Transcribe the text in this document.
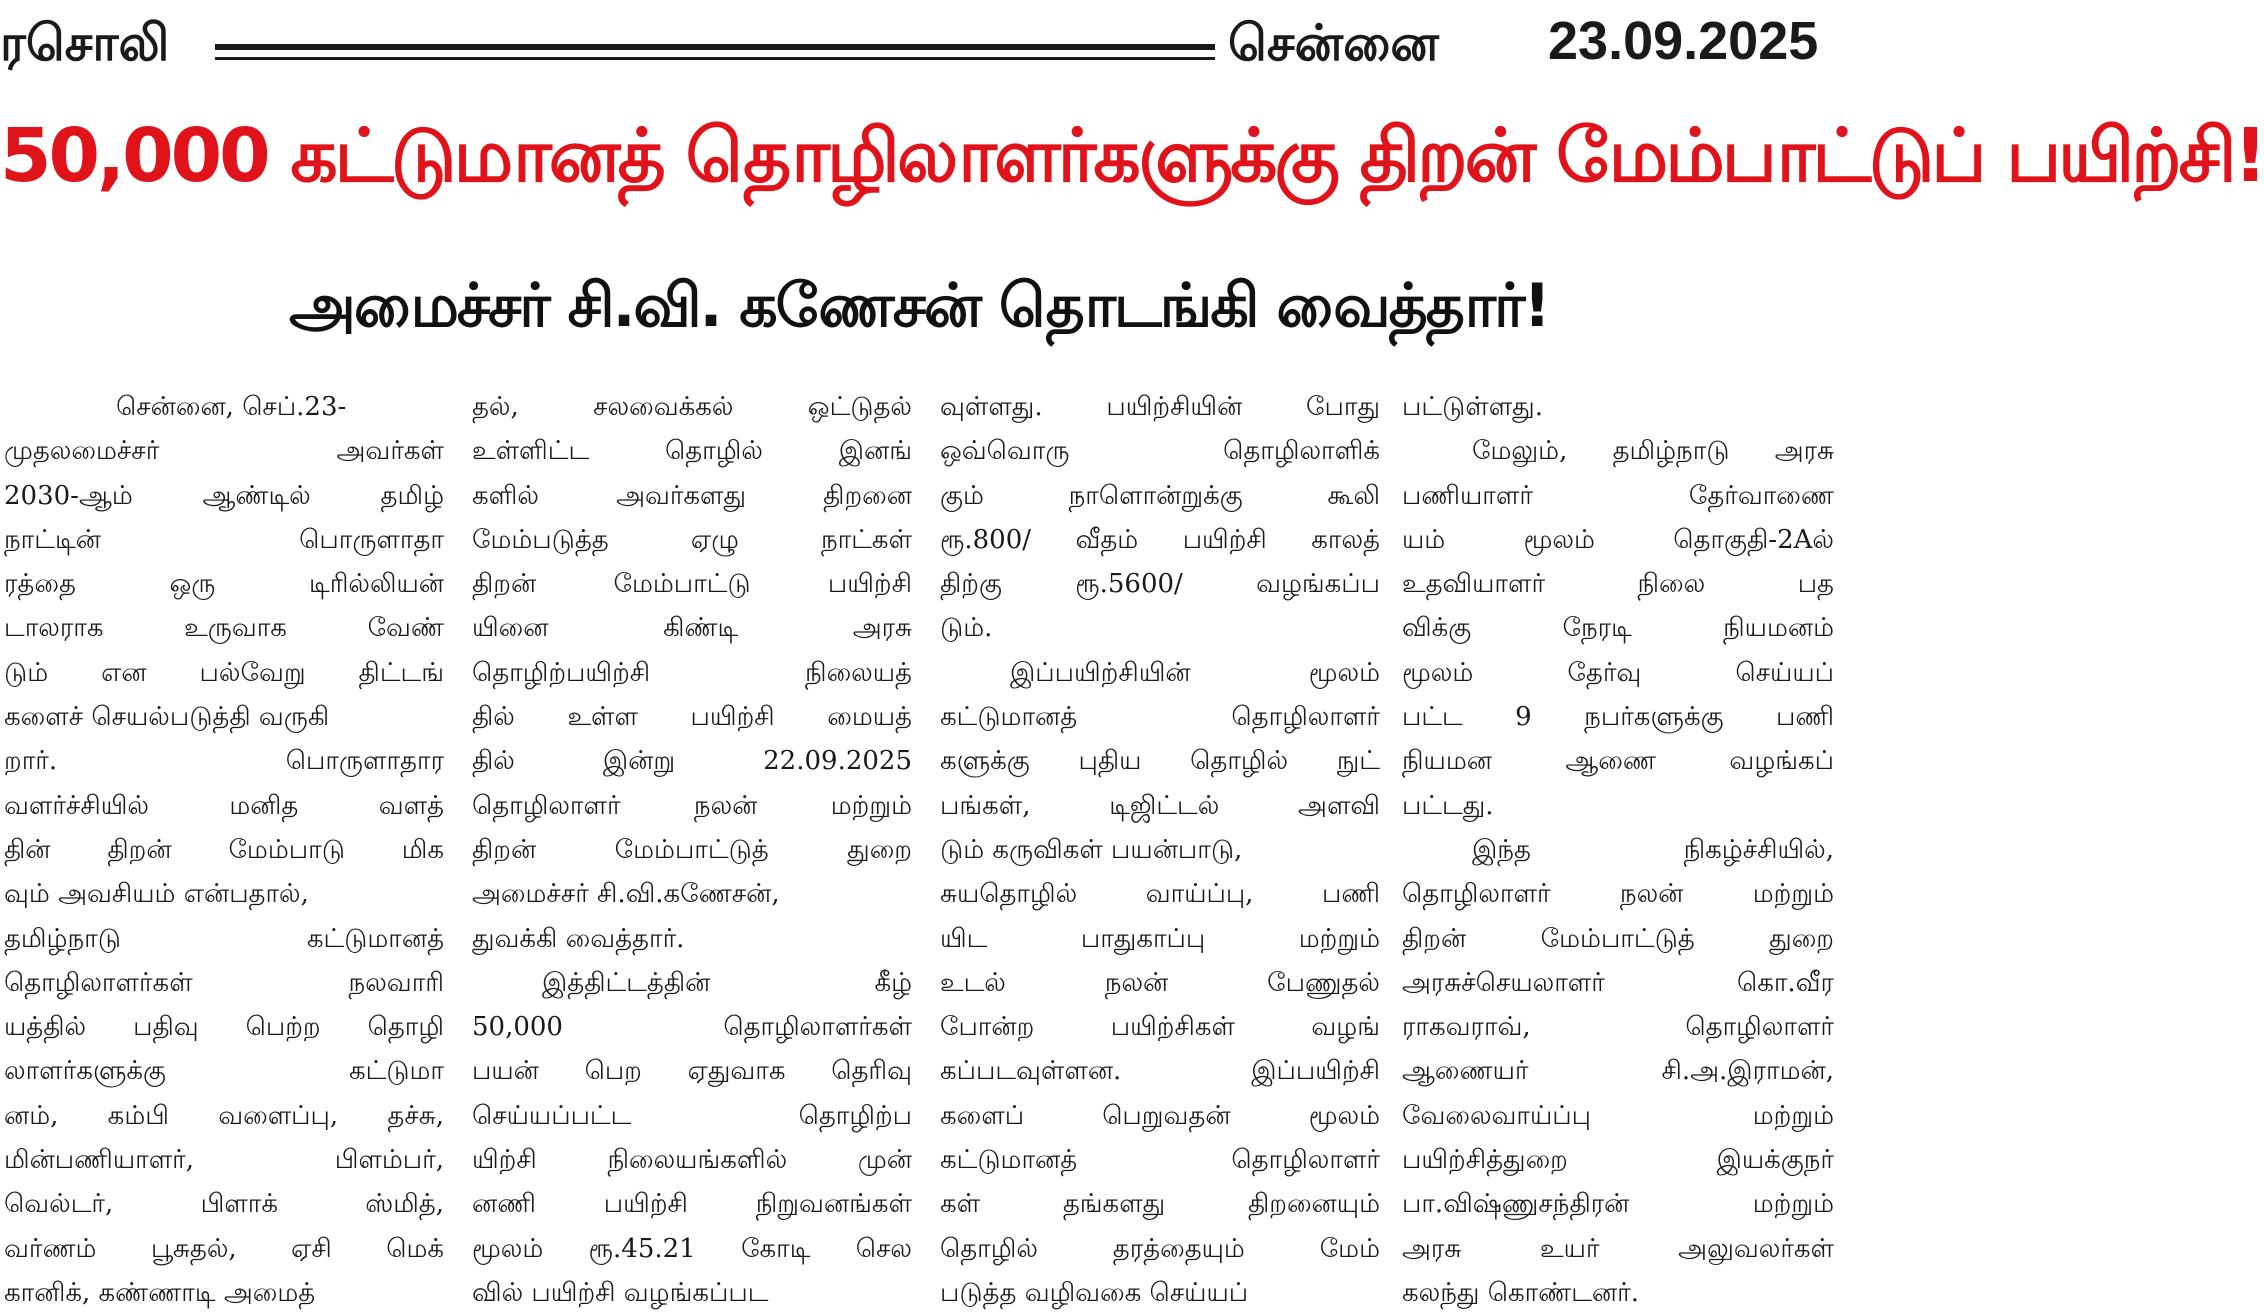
ரசொலி	சென்னை 23.09.2025
50,000 கட்டுமானத் தொழிலாளர்களுக்கு திறன் மேம்பாட்டுப் பயிற்சி!
அமைச்சர் சி.வி. கணேசன் தொடங்கி வைத்தார்!
சென்னை, செப்.23-
முதலமைச்சர் அவர்கள்
2030-ஆம் ஆண்டில் தமிழ்
நாட்டின் பொருளாதா
ரத்தை ஒரு டிரில்லியன்
டாலராக உருவாக வேண்
டும் என பல்வேறு திட்டங்
களைச் செயல்படுத்தி வருகி
றார். பொருளாதார
வளர்ச்சியில் மனித வளத்
தின் திறன் மேம்பாடு மிக
வும் அவசியம் என்பதால்,
தமிழ்நாடு கட்டுமானத்
தொழிலாளர்கள் நலவாரி
யத்தில் பதிவு பெற்ற தொழி
லாளர்களுக்கு கட்டுமா
னம், கம்பி வளைப்பு, தச்சு,
மின்பணியாளர், பிளம்பர்,
வெல்டர், பிளாக் ஸ்மித்,
வர்ணம் பூசுதல், ஏசி மெக்
கானிக், கண்ணாடி அமைத்
தல், சலவைக்கல் ஒட்டுதல்
உள்ளிட்ட தொழில் இனங்
களில் அவர்களது திறனை
மேம்படுத்த ஏழு நாட்கள்
திறன் மேம்பாட்டு பயிற்சி
யினை கிண்டி அரசு
தொழிற்பயிற்சி நிலையத்
தில் உள்ள பயிற்சி மையத்
தில் இன்று 22.09.2025
தொழிலாளர் நலன் மற்றும்
திறன் மேம்பாட்டுத் துறை
அமைச்சர் சி.வி.கணேசன்,
துவக்கி வைத்தார்.
இத்திட்டத்தின் கீழ்
50,000 தொழிலாளர்கள்
பயன் பெற ஏதுவாக தெரிவு
செய்யப்பட்ட தொழிற்ப
யிற்சி நிலையங்களில் முன்
னணி பயிற்சி நிறுவனங்கள்
மூலம் ரூ.45.21 கோடி செல
வில் பயிற்சி வழங்கப்பட
வுள்ளது. பயிற்சியின் போது
ஒவ்வொரு தொழிலாளிக்
கும் நாளொன்றுக்கு கூலி
ரூ.800/ வீதம் பயிற்சி காலத்
திற்கு ரூ.5600/ வழங்கப்ப
டும்.
இப்பயிற்சியின் மூலம்
கட்டுமானத் தொழிலாளர்
களுக்கு புதிய தொழில் நுட்
பங்கள், டிஜிட்டல் அளவி
டும் கருவிகள் பயன்பாடு,
சுயதொழில் வாய்ப்பு, பணி
யிட பாதுகாப்பு மற்றும்
உடல் நலன் பேணுதல்
போன்ற பயிற்சிகள் வழங்
கப்படவுள்ளன. இப்பயிற்சி
களைப் பெறுவதன் மூலம்
கட்டுமானத் தொழிலாளர்
கள் தங்களது திறனையும்
தொழில் தரத்தையும் மேம்
படுத்த வழிவகை செய்யப்
பட்டுள்ளது.
மேலும், தமிழ்நாடு அரசு
பணியாளர் தேர்வாணை
யம் மூலம் தொகுதி-2Aல்
உதவியாளர் நிலை பத
விக்கு நேரடி நியமனம்
மூலம் தேர்வு செய்யப்
பட்ட 9 நபர்களுக்கு பணி
நியமன ஆணை வழங்கப்
பட்டது.
இந்த நிகழ்ச்சியில்,
தொழிலாளர் நலன் மற்றும்
திறன் மேம்பாட்டுத் துறை
அரசுச்செயலாளர் கொ.வீர
ராகவராவ், தொழிலாளர்
ஆணையர் சி.அ.இராமன்,
வேலைவாய்ப்பு மற்றும்
பயிற்சித்துறை இயக்குநர்
பா.விஷ்ணுசந்திரன் மற்றும்
அரசு உயர் அலுவலர்கள்
கலந்து கொண்டனர்.
